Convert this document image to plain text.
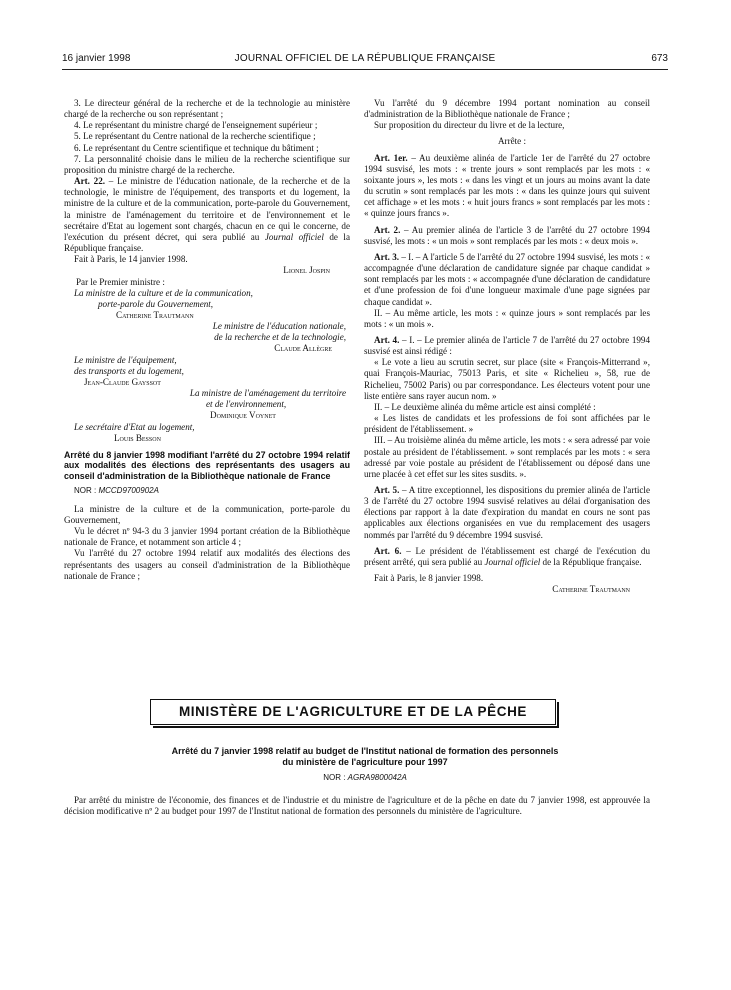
16 janvier 1998	JOURNAL OFFICIEL DE LA RÉPUBLIQUE FRANÇAISE	673

3. Le directeur général de la recherche et de la technologie au ministère chargé de la recherche ou son représentant ;

4. Le représentant du ministre chargé de l'enseignement supérieur ;

5. Le représentant du Centre national de la recherche scientifique ;

6. Le représentant du Centre scientifique et technique du bâtiment ;

7. La personnalité choisie dans le milieu de la recherche scientifique sur proposition du ministre chargé de la recherche.

Art. 22. – Le ministre de l'éducation nationale, de la recherche et de la technologie, le ministre de l'équipement, des transports et du logement, la ministre de la culture et de la communication, porte-parole du Gouvernement, la ministre de l'aménagement du territoire et de l'environnement et le secrétaire d'Etat au logement sont chargés, chacun en ce qui le concerne, de l'exécution du présent décret, qui sera publié au Journal officiel de la République française.

Fait à Paris, le 14 janvier 1998.

Lionel Jospin

Par le Premier ministre :

La ministre de la culture et de la communication,

porte-parole du Gouvernement,

Catherine Trautmann

Le ministre de l'éducation nationale,

de la recherche et de la technologie,

Claude Allègre

Le ministre de l'équipement,

des transports et du logement,

Jean-Claude Gayssot

La ministre de l'aménagement du territoire

et de l'environnement,

Dominique Voynet

Le secrétaire d'Etat au logement,

Louis Besson

Arrêté du 8 janvier 1998 modifiant l'arrêté du 27 octobre 1994 relatif aux modalités des élections des représentants des usagers au conseil d'administration de la Bibliothèque nationale de France
NOR : MCCD9700902A

La ministre de la culture et de la communication, porte-parole du Gouvernement,

Vu le décret nº 94-3 du 3 janvier 1994 portant création de la Bibliothèque nationale de France, et notamment son article 4 ;

Vu l'arrêté du 27 octobre 1994 relatif aux modalités des élections des représentants des usagers au conseil d'administration de la Bibliothèque nationale de France ;

Vu l'arrêté du 9 décembre 1994 portant nomination au conseil d'administration de la Bibliothèque nationale de France ;

Sur proposition du directeur du livre et de la lecture,

Arrête :

Art. 1er. – Au deuxième alinéa de l'article 1er de l'arrêté du 27 octobre 1994 susvisé, les mots : « trente jours » sont remplacés par les mots : « soixante jours », les mots : « dans les vingt et un jours au moins avant la date du scrutin » sont remplacés par les mots : « dans les quinze jours qui suivent cet affichage » et les mots : « huit jours francs » sont remplacés par les mots : « quinze jours francs ».

Art. 2. – Au premier alinéa de l'article 3 de l'arrêté du 27 octobre 1994 susvisé, les mots : « un mois » sont remplacés par les mots : « deux mois ».

Art. 3. – I. – A l'article 5 de l'arrêté du 27 octobre 1994 susvisé, les mots : « accompagnée d'une déclaration de candidature signée par chaque candidat » sont remplacés par les mots : « accompagnée d'une déclaration de candidature et d'une profession de foi d'une longueur maximale d'une page signées par chaque candidat ».

II. – Au même article, les mots : « quinze jours » sont remplacés par les mots : « un mois ».

Art. 4. – I. – Le premier alinéa de l'article 7 de l'arrêté du 27 octobre 1994 susvisé est ainsi rédigé :

« Le vote a lieu au scrutin secret, sur place (site « François-Mitterrand », quai François-Mauriac, 75013 Paris, et site « Richelieu », 58, rue de Richelieu, 75002 Paris) ou par correspondance. Les électeurs votent pour une liste entière sans rayer aucun nom. »

II. – Le deuxième alinéa du même article est ainsi complété :

« Les listes de candidats et les professions de foi sont affichées par le président de l'établissement. »

III. – Au troisième alinéa du même article, les mots : « sera adressé par voie postale au président de l'établissement. » sont remplacés par les mots : « sera adressé par voie postale au président de l'établissement ou déposé dans une urne placée à cet effet sur les sites susdits. ».

Art. 5. – A titre exceptionnel, les dispositions du premier alinéa de l'article 3 de l'arrêté du 27 octobre 1994 susvisé relatives au délai d'organisation des élections par rapport à la date d'expiration du mandat en cours ne sont pas applicables aux élections organisées en vue du remplacement des usagers nommés par l'arrêté du 9 décembre 1994 susvisé.

Art. 6. – Le président de l'établissement est chargé de l'exécution du présent arrêté, qui sera publié au Journal officiel de la République française.

Fait à Paris, le 8 janvier 1998.

Catherine Trautmann

MINISTÈRE DE L'AGRICULTURE ET DE LA PÊCHE
Arrêté du 7 janvier 1998 relatif au budget de l'Institut national de formation des personnels
du ministère de l'agriculture pour 1997
NOR : AGRA9800042A

Par arrêté du ministre de l'économie, des finances et de l'industrie et du ministre de l'agriculture et de la pêche en date du 7 janvier 1998, est approuvée la décision modificative nº 2 au budget pour 1997 de l'Institut national de formation des personnels du ministère de l'agriculture.
